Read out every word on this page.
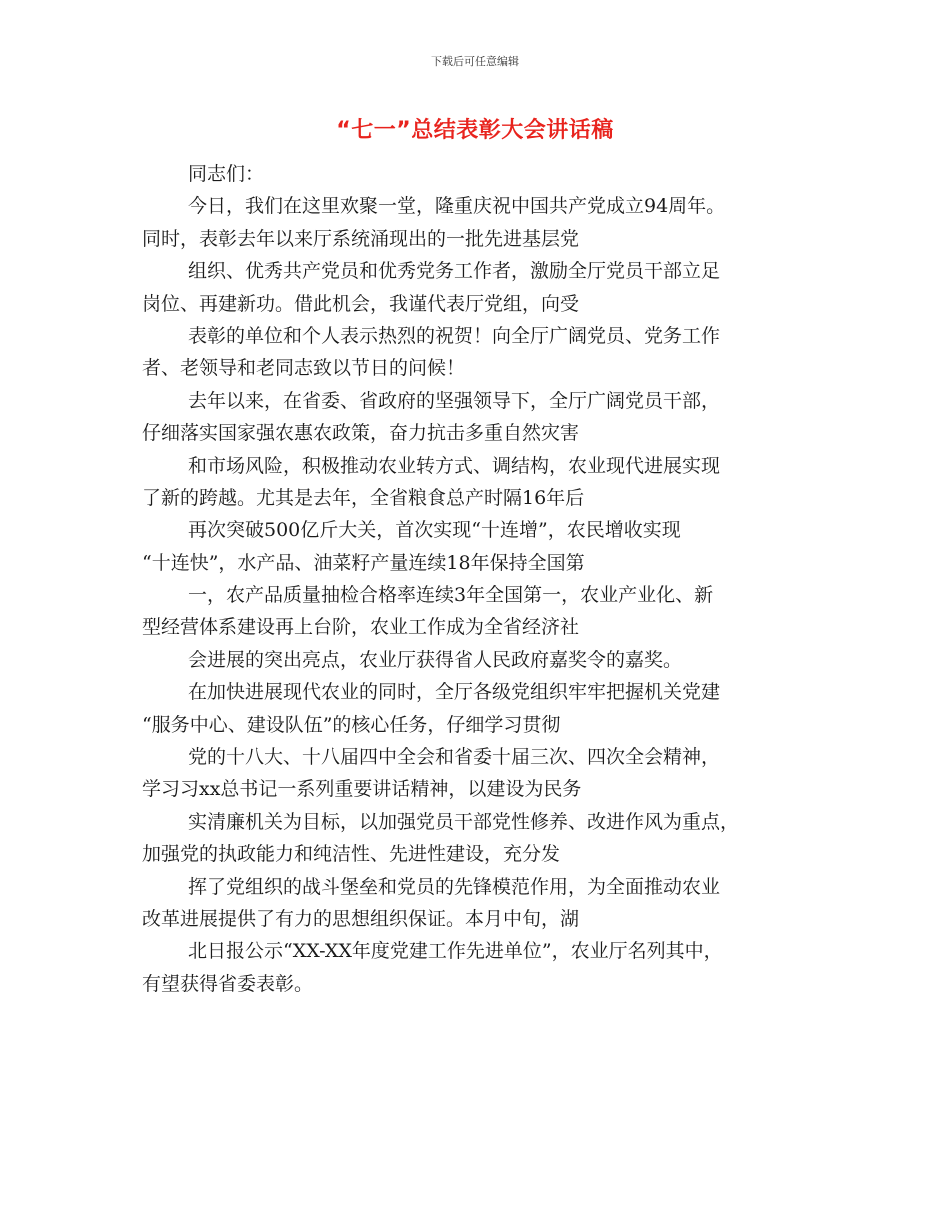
下载后可任意编辑
“七一”总结表彰大会讲话稿
同志们：
今日，我们在这里欢聚一堂，隆重庆祝中国共产党成立94周年。
同时，表彰去年以来厅系统涌现出的一批先进基层党
组织、优秀共产党员和优秀党务工作者，激励全厅党员干部立足
岗位、再建新功。借此机会，我谨代表厅党组，向受
表彰的单位和个人表示热烈的祝贺！向全厅广阔党员、党务工作
者、老领导和老同志致以节日的问候！
去年以来，在省委、省政府的坚强领导下，全厅广阔党员干部，
仔细落实国家强农惠农政策，奋力抗击多重自然灾害
和市场风险，积极推动农业转方式、调结构，农业现代进展实现
了新的跨越。尤其是去年，全省粮食总产时隔16年后
再次突破500亿斤大关，首次实现“十连增”，农民增收实现
“十连快”，水产品、油菜籽产量连续18年保持全国第
一，农产品质量抽检合格率连续3年全国第一，农业产业化、新
型经营体系建设再上台阶，农业工作成为全省经济社
会进展的突出亮点，农业厅获得省人民政府嘉奖令的嘉奖。
在加快进展现代农业的同时，全厅各级党组织牢牢把握机关党建
“服务中心、建设队伍”的核心任务，仔细学习贯彻
党的十八大、十八届四中全会和省委十届三次、四次全会精神，
学习习xx总书记一系列重要讲话精神，以建设为民务
实清廉机关为目标，以加强党员干部党性修养、改进作风为重点，
加强党的执政能力和纯洁性、先进性建设，充分发
挥了党组织的战斗堡垒和党员的先锋模范作用，为全面推动农业
改革进展提供了有力的思想组织保证。本月中旬，湖
北日报公示“XX-XX年度党建工作先进单位”，农业厅名列其中，
有望获得省委表彰。
